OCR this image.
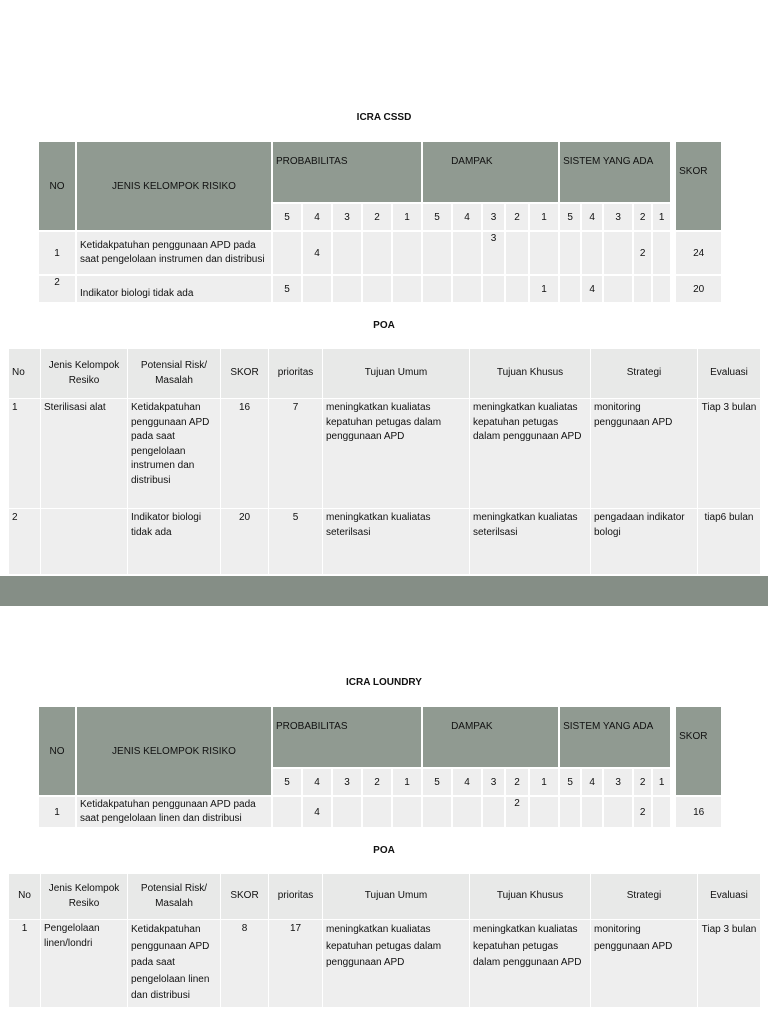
ICRA CSSD
NO	JENIS KELOMPOK RISIKO	PROBABILITAS					DAMPAK					SISTEM YANG ADA						SKOR
		5	4	3	2	1	5	4	3	2	1	5	4	3	2	1		
1	Ketidakpatuhan penggunaan APD pada saat pengelolaan instrumen dan distribusi		4						3						2			24
2	Indikator biologi tidak ada	5									1		4					20
POA
No	Jenis Kelompok Resiko	Potensial Risk/ Masalah	SKOR	prioritas	Tujuan Umum	Tujuan Khusus	Strategi	Evaluasi
1	Sterilisasi alat	Ketidakpatuhan penggunaan APD pada saat pengelolaan instrumen dan distribusi	16	7	meningkatkan kualiatas kepatuhan petugas dalam penggunaan APD	meningkatkan kualiatas kepatuhan petugas dalam penggunaan APD	monitoring penggunaan APD	Tiap 3 bulan
2		Indikator biologi tidak ada	20	5	meningkatkan kualiatas seterilsasi	meningkatkan kualiatas seterilsasi	pengadaan indikator bologi	tiap6 bulan
ICRA LOUNDRY
NO	JENIS KELOMPOK RISIKO	PROBABILITAS					DAMPAK					SISTEM YANG ADA						SKOR
		5	4	3	2	1	5	4	3	2	1	5	4	3	2	1		
1	Ketidakpatuhan penggunaan APD pada saat pengelolaan linen dan distribusi		4							2					2			16
POA
No	Jenis Kelompok Resiko	Potensial Risk/ Masalah	SKOR	prioritas	Tujuan Umum	Tujuan Khusus	Strategi	Evaluasi
1	Pengelolaan linen/londri	Ketidakpatuhan penggunaan APD pada saat pengelolaan linen dan distribusi	8	17	meningkatkan kualiatas kepatuhan petugas dalam penggunaan APD	meningkatkan kualiatas kepatuhan petugas dalam penggunaan APD	monitoring penggunaan APD	Tiap 3 bulan
